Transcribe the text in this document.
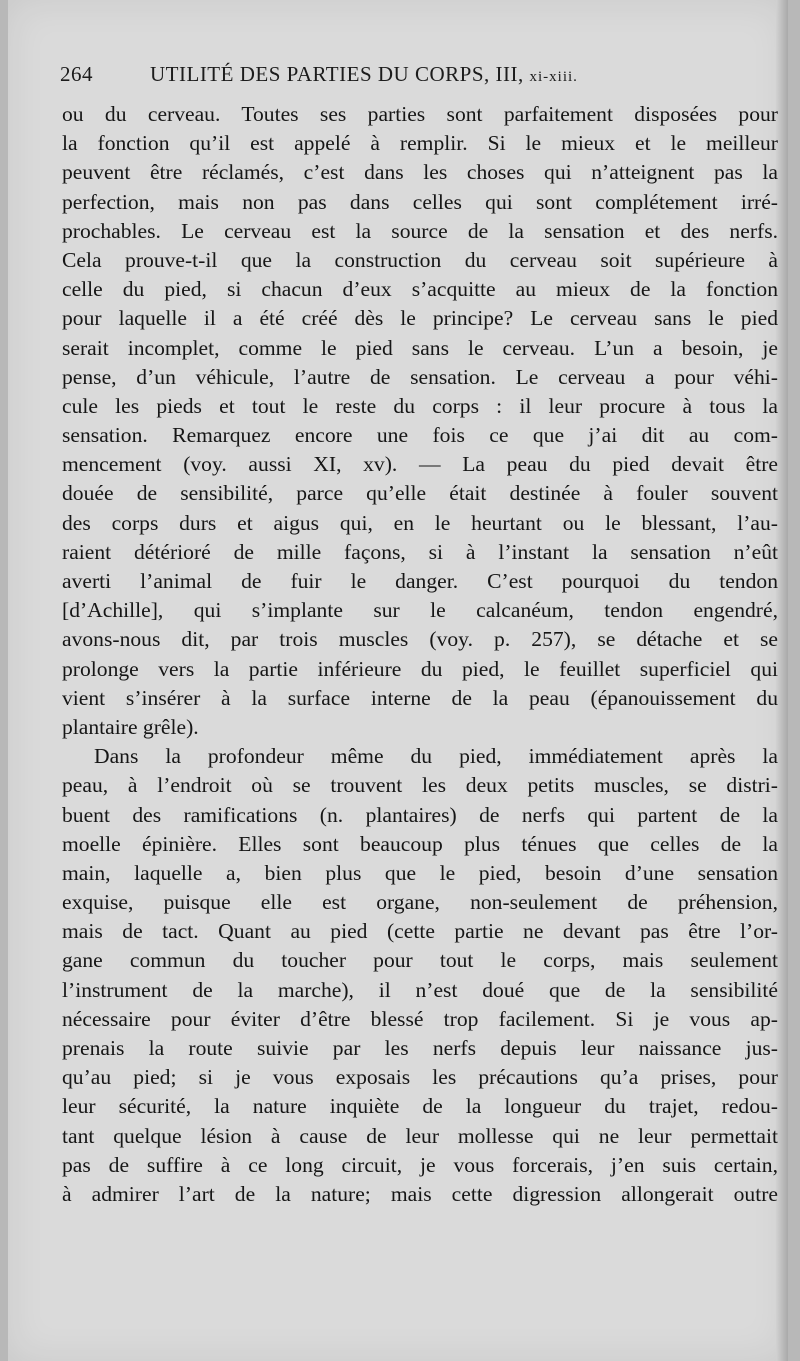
264	UTILITÉ DES PARTIES DU CORPS, III, xi-xiii.
ou du cerveau. Toutes ses parties sont parfaitement disposées pour
la fonction qu’il est appelé à remplir. Si le mieux et le meilleur
peuvent être réclamés, c’est dans les choses qui n’atteignent pas la
perfection, mais non pas dans celles qui sont complétement irré-
prochables. Le cerveau est la source de la sensation et des nerfs.
Cela prouve-t-il que la construction du cerveau soit supérieure à
celle du pied, si chacun d’eux s’acquitte au mieux de la fonction
pour laquelle il a été créé dès le principe? Le cerveau sans le pied
serait incomplet, comme le pied sans le cerveau. L’un a besoin, je
pense, d’un véhicule, l’autre de sensation. Le cerveau a pour véhi-
cule les pieds et tout le reste du corps : il leur procure à tous la
sensation. Remarquez encore une fois ce que j’ai dit au com-
mencement (voy. aussi XI, xv). — La peau du pied devait être
douée de sensibilité, parce qu’elle était destinée à fouler souvent
des corps durs et aigus qui, en le heurtant ou le blessant, l’au-
raient détérioré de mille façons, si à l’instant la sensation n’eût
averti l’animal de fuir le danger. C’est pourquoi du tendon
[d’Achille], qui s’implante sur le calcanéum, tendon engendré,
avons-nous dit, par trois muscles (voy. p. 257), se détache et se
prolonge vers la partie inférieure du pied, le feuillet superficiel qui
vient s’insérer à la surface interne de la peau (épanouissement du
plantaire grêle).
Dans la profondeur même du pied, immédiatement après la
peau, à l’endroit où se trouvent les deux petits muscles, se distri-
buent des ramifications (n. plantaires) de nerfs qui partent de la
moelle épinière. Elles sont beaucoup plus ténues que celles de la
main, laquelle a, bien plus que le pied, besoin d’une sensation
exquise, puisque elle est organe, non-seulement de préhension,
mais de tact. Quant au pied (cette partie ne devant pas être l’or-
gane commun du toucher pour tout le corps, mais seulement
l’instrument de la marche), il n’est doué que de la sensibilité
nécessaire pour éviter d’être blessé trop facilement. Si je vous ap-
prenais la route suivie par les nerfs depuis leur naissance jus-
qu’au pied; si je vous exposais les précautions qu’a prises, pour
leur sécurité, la nature inquiète de la longueur du trajet, redou-
tant quelque lésion à cause de leur mollesse qui ne leur permettait
pas de suffire à ce long circuit, je vous forcerais, j’en suis certain,
à admirer l’art de la nature; mais cette digression allongerait outre
